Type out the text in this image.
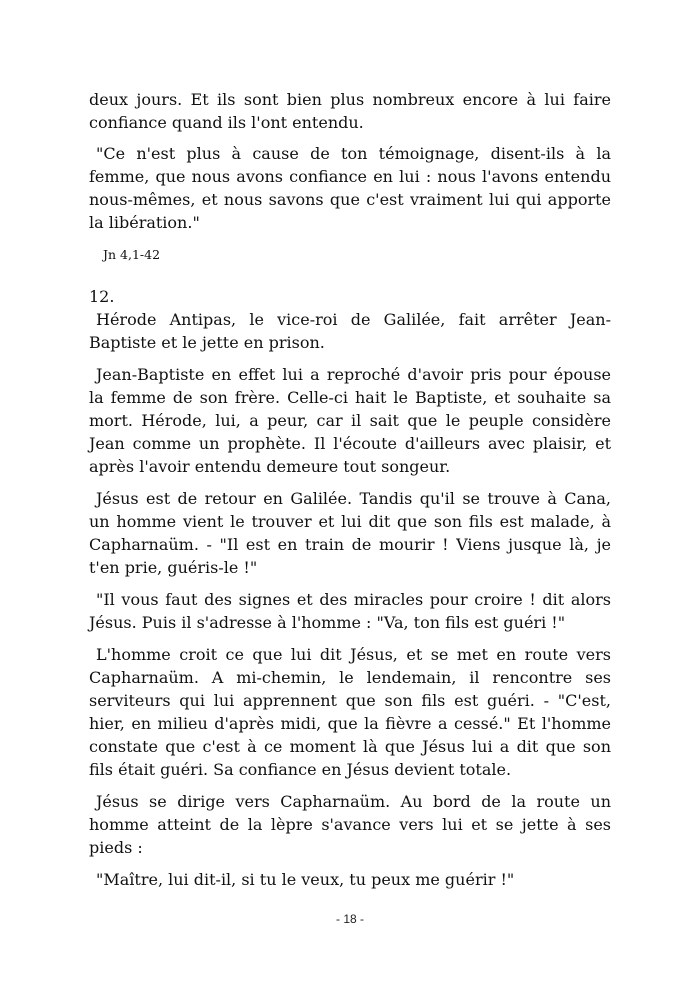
deux jours. Et ils sont bien plus nombreux encore à lui faire confiance quand ils l'ont entendu.

"Ce n'est plus à cause de ton témoignage, disent-ils à la femme, que nous avons confiance en lui : nous l'avons entendu nous-mêmes, et nous savons que c'est vraiment lui qui apporte la libération."

Jn 4,1-42
12.

Hérode Antipas, le vice-roi de Galilée, fait arrêter Jean-Baptiste et le jette en prison.

Jean-Baptiste en effet lui a reproché d'avoir pris pour épouse la femme de son frère. Celle-ci hait le Baptiste, et souhaite sa mort. Hérode, lui, a peur, car il sait que le peuple considère Jean comme un prophète. Il l'écoute d'ailleurs avec plaisir, et après l'avoir entendu demeure tout songeur.

Jésus est de retour en Galilée. Tandis qu'il se trouve à Cana, un homme vient le trouver et lui dit que son fils est malade, à Capharnaüm. - "Il est en train de mourir ! Viens jusque là, je t'en prie, guéris-le !"

"Il vous faut des signes et des miracles pour croire ! dit alors Jésus. Puis il s'adresse à l'homme : "Va, ton fils est guéri !"

L'homme croit ce que lui dit Jésus, et se met en route vers Capharnaüm. A mi-chemin, le lendemain, il rencontre ses serviteurs qui lui apprennent que son fils est guéri. - "C'est, hier, en milieu d'après midi, que la fièvre a cessé." Et l'homme constate que c'est à ce moment là que Jésus lui a dit que son fils était guéri. Sa confiance en Jésus devient totale.

Jésus se dirige vers Capharnaüm. Au bord de la route un homme atteint de la lèpre s'avance vers lui et se jette à ses pieds :

"Maître, lui dit-il, si tu le veux, tu peux me guérir !"

- 18 -
